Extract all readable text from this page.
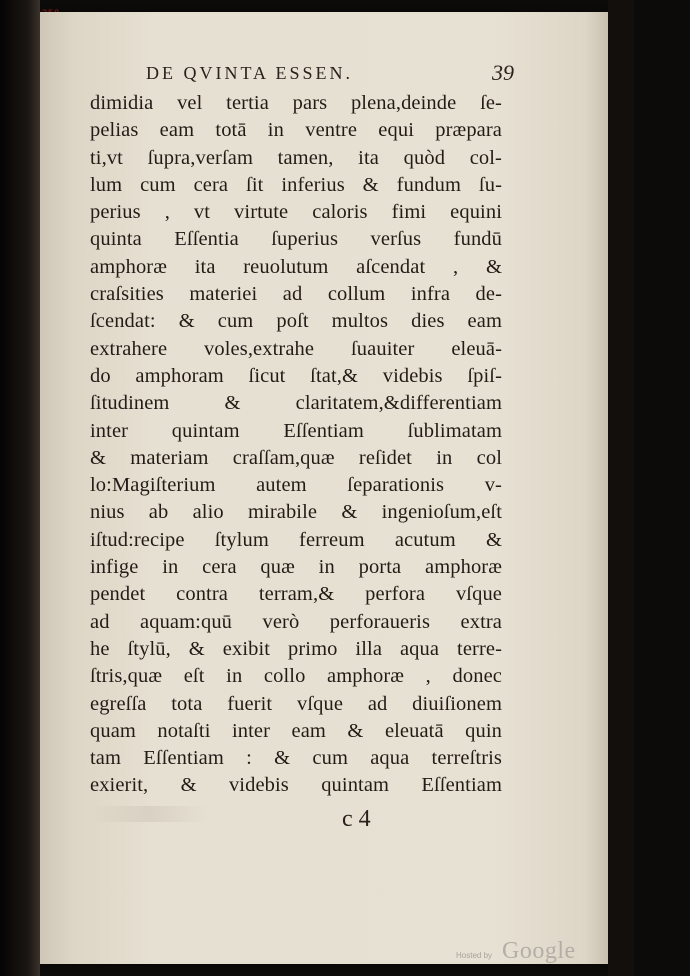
DE QVINTA ESSEN.	39
dimidia vel tertia pars plena,deinde ſe-
pelias eam totā in ventre equi præpara
ti,vt ſupra,verſam tamen, ita quòd col-
lum cum cera ſit inferius & fundum ſu-
perius , vt virtute caloris fimi equini
quinta Eſſentia ſuperius verſus fundū
amphoræ ita reuolutum aſcendat , &
craſsities materiei ad collum infra de-
ſcendat: & cum poſt multos dies eam
extrahere voles,extrahe ſuauiter eleuā-
do amphoram ſicut ſtat,& videbis ſpiſ-
ſitudinem & claritatem,&differentiam
inter quintam Eſſentiam ſublimatam
& materiam craſſam,quæ reſidet in col
lo:Magiſterium autem ſeparationis v-
nius ab alio mirabile & ingenioſum,eſt
iſtud:recipe ſtylum ferreum acutum &
infige in cera quæ in porta amphoræ
pendet contra terram,& perfora vſque
ad aquam:quū verò perforaueris extra
he ſtylū, & exibit primo illa aqua terre-
ſtris,quæ eſt in collo amphoræ , donec
egreſſa tota fuerit vſque ad diuiſionem
quam notaſti inter eam & eleuatā quin
tam Eſſentiam : & cum aqua terreſtris
exierit, & videbis quintam Eſſentiam
c 4
Hosted by Google
